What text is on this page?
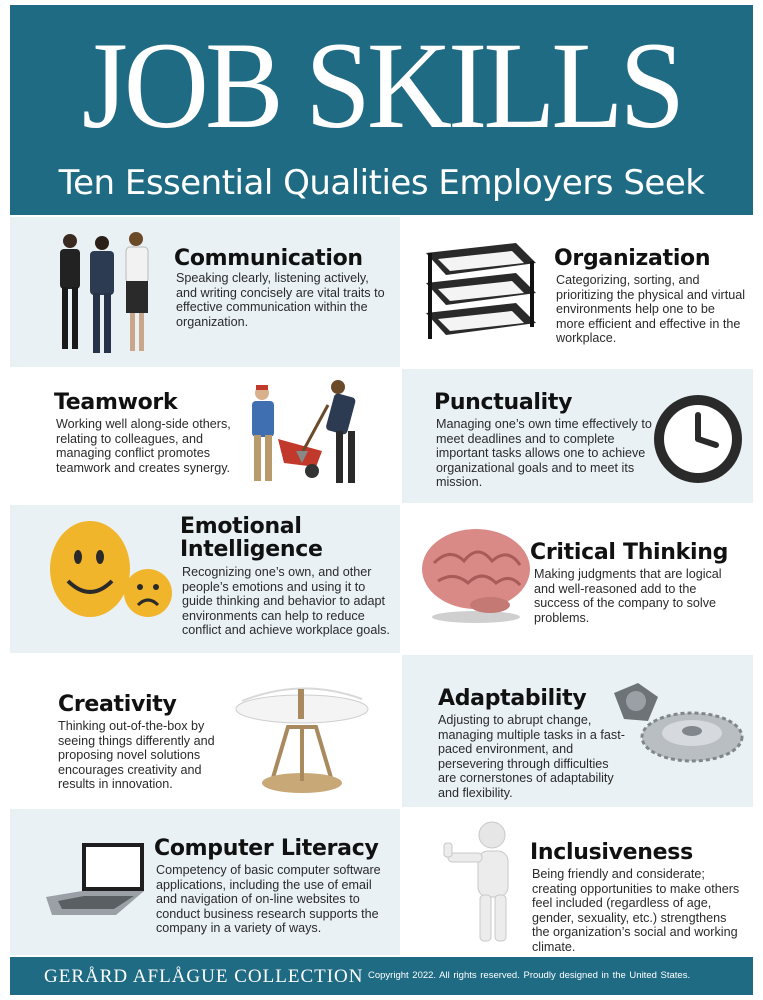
JOB SKILLS
Ten Essential Qualities Employers Seek
Communication
Speaking clearly, listening actively, and writing concisely are vital traits to effective communication within the organization.
Organization
Categorizing, sorting, and prioritizing the physical and virtual environments help one to be more efficient and effective in the workplace.
Teamwork
Working well along-side others, relating to colleagues, and managing conflict promotes teamwork and creates synergy.
Punctuality
Managing one’s own time effectively to meet deadlines and to complete important tasks allows one to achieve organizational goals and to meet its mission.
Emotional Intelligence
Recognizing one’s own, and other people’s emotions and using it to guide thinking and behavior to adapt environments can help to reduce conflict and achieve workplace goals.
Critical Thinking
Making judgments that are logical and well-reasoned add to the success of the company to solve problems.
Creativity
Thinking out-of-the-box by seeing things differently and proposing novel solutions encourages creativity and results in innovation.
Adaptability
Adjusting to abrupt change, managing multiple tasks in a fast-paced environment, and persevering through difficulties are cornerstones of adaptability and flexibility.
Computer Literacy
Competency of basic computer software applications, including the use of email and navigation of on-line websites to conduct business research supports the company in a variety of ways.
Inclusiveness
Being friendly and considerate; creating opportunities to make others feel included (regardless of age, gender, sexuality, etc.) strengthens the organization’s social and working climate.
GERÅRD AFLÅGUE COLLECTION Copyright 2022. All rights reserved. Proudly designed in the United States.
